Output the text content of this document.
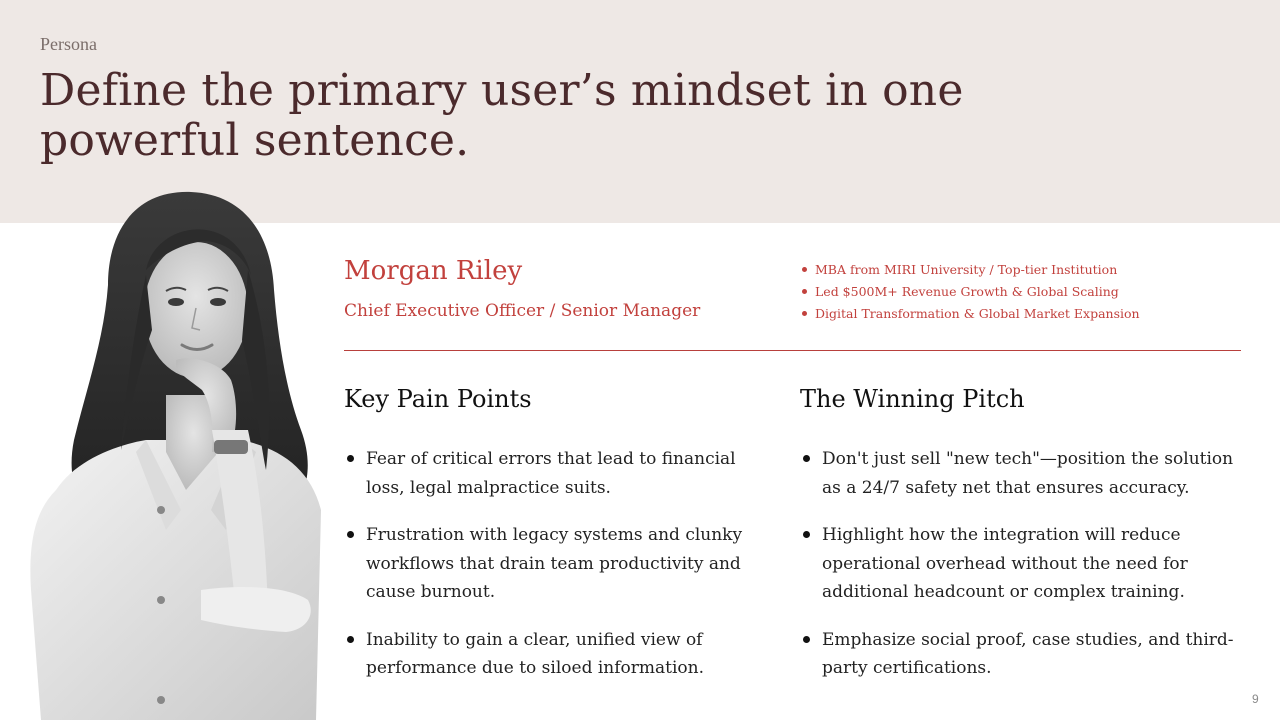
Persona
Define the primary user’s mindset in one powerful sentence.
Morgan Riley
Chief Executive Officer / Senior Manager
MBA from MIRI University / Top-tier Institution
Led $500M+ Revenue Growth & Global Scaling
Digital Transformation & Global Market Expansion
Key Pain Points
Fear of critical errors that lead to financial loss, legal malpractice suits.
Frustration with legacy systems and clunky workflows that drain team productivity and cause burnout.
Inability to gain a clear, unified view of performance due to siloed information.
The Winning Pitch
Don't just sell "new tech"—position the solution as a 24/7 safety net that ensures accuracy.
Highlight how the integration will reduce operational overhead without the need for additional headcount or complex training.
Emphasize social proof, case studies, and third-party certifications.
9
